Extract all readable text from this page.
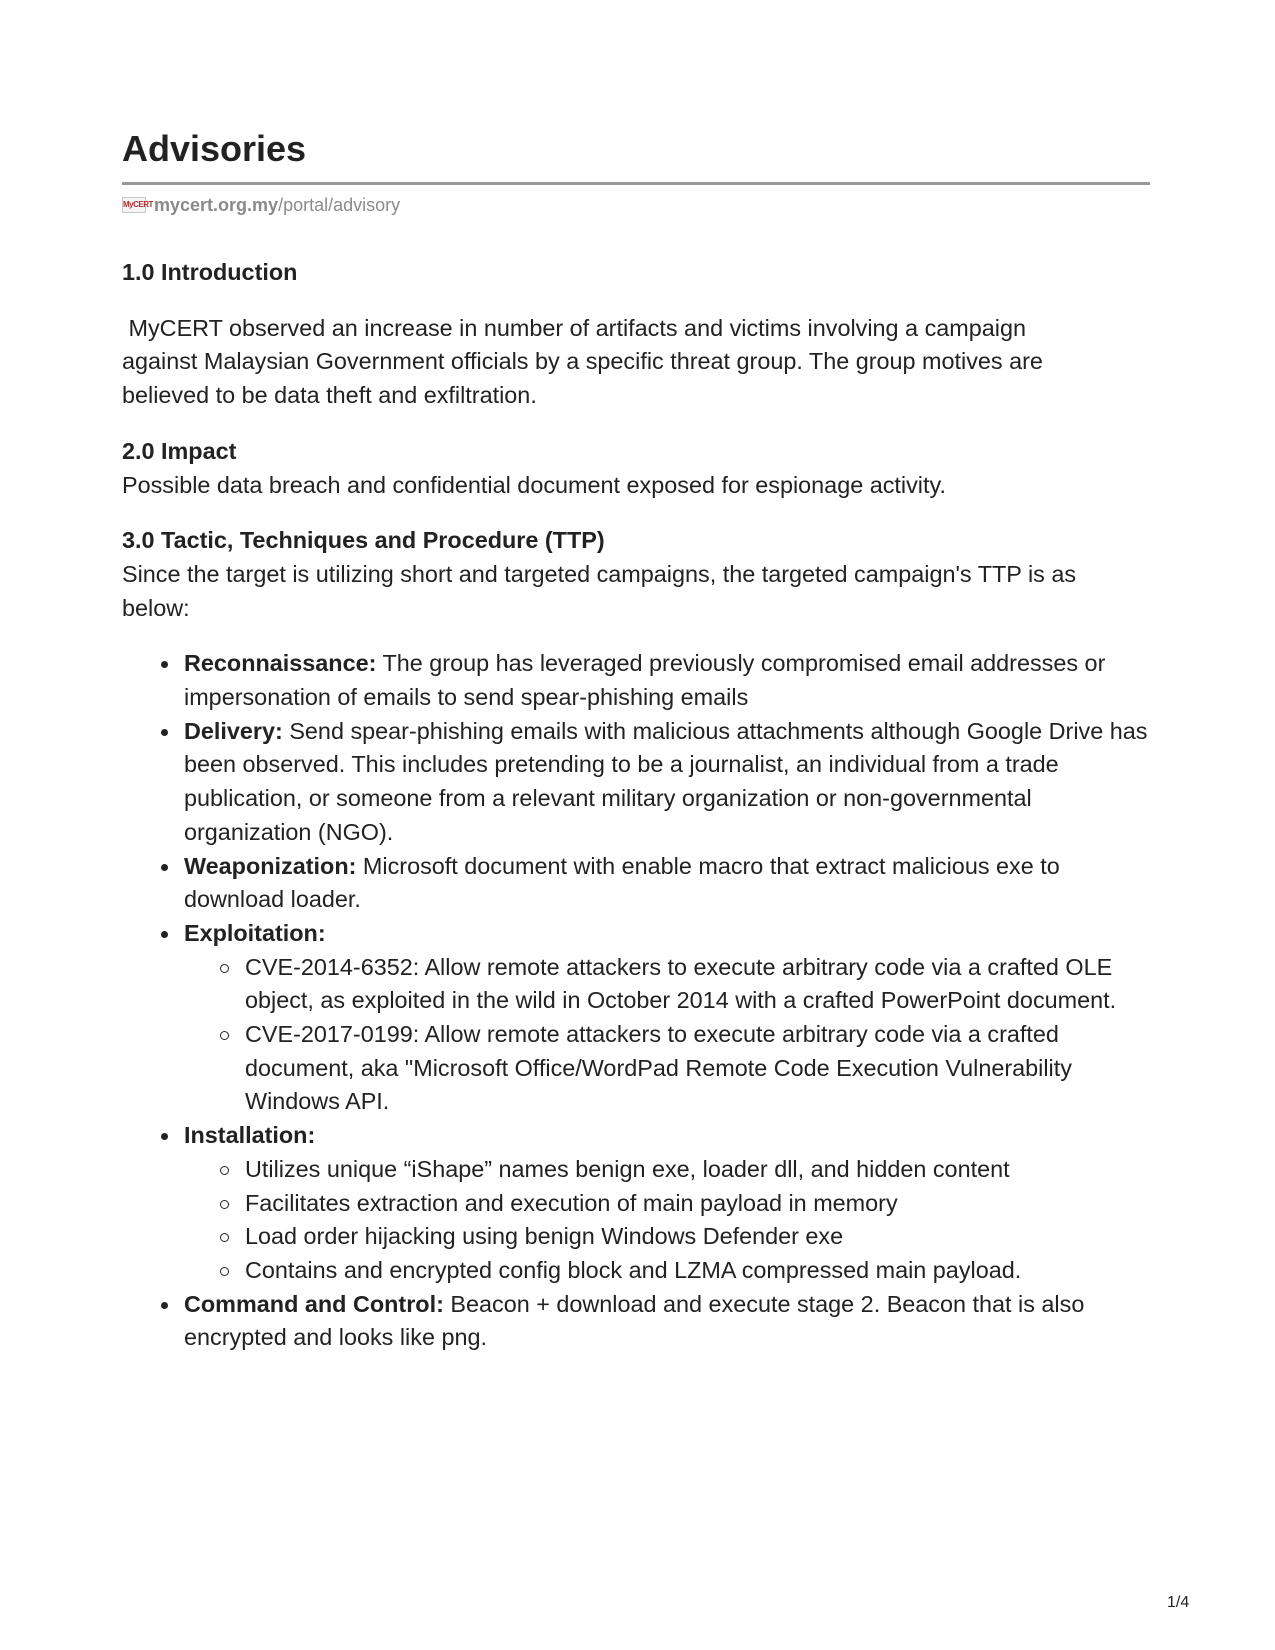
Advisories
MyCERT mycert.org.my /portal/advisory
1.0 Introduction

MyCERT observed an increase in number of artifacts and victims involving a campaign against Malaysian Government officials by a specific threat group. The group motives are believed to be data theft and exfiltration.

2.0 Impact

Possible data breach and confidential document exposed for espionage activity.

3.0 Tactic, Techniques and Procedure (TTP)

Since the target is utilizing short and targeted campaigns, the targeted campaign's TTP is as below:

Reconnaissance: The group has leveraged previously compromised email addresses or impersonation of emails to send spear-phishing emails
Delivery: Send spear-phishing emails with malicious attachments although Google Drive has been observed. This includes pretending to be a journalist, an individual from a trade publication, or someone from a relevant military organization or non-governmental organization (NGO).
Weaponization: Microsoft document with enable macro that extract malicious exe to download loader.
Exploitation:
CVE-2014-6352: Allow remote attackers to execute arbitrary code via a crafted OLE object, as exploited in the wild in October 2014 with a crafted PowerPoint document.
CVE-2017-0199: Allow remote attackers to execute arbitrary code via a crafted document, aka "Microsoft Office/WordPad Remote Code Execution Vulnerability Windows API.
Installation:
Utilizes unique “iShape” names benign exe, loader dll, and hidden content
Facilitates extraction and execution of main payload in memory
Load order hijacking using benign Windows Defender exe
Contains and encrypted config block and LZMA compressed main payload.
Command and Control: Beacon + download and execute stage 2. Beacon that is also encrypted and looks like png.
1/4
